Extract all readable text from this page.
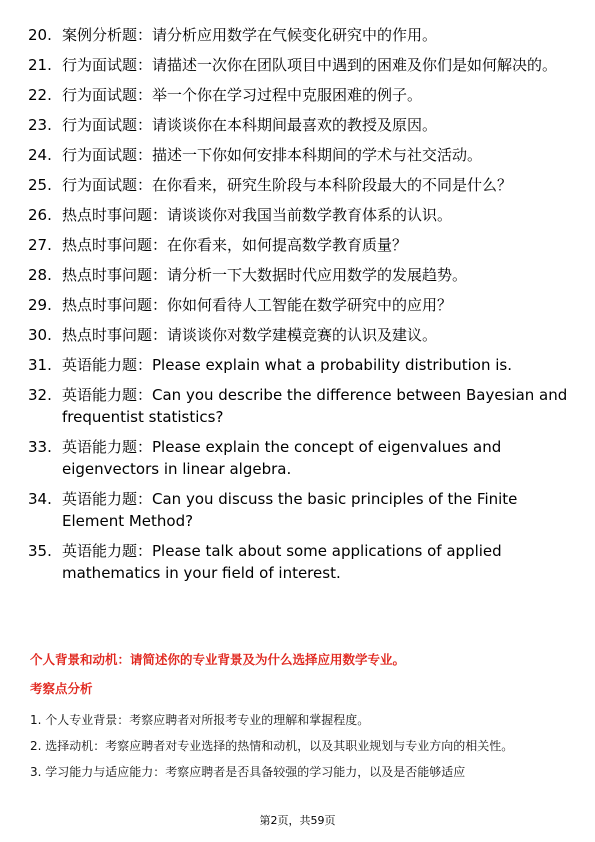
20. 案例分析题：请分析应用数学在气候变化研究中的作用。
21. 行为面试题：请描述一次你在团队项目中遇到的困难及你们是如何解决的。
22. 行为面试题：举一个你在学习过程中克服困难的例子。
23. 行为面试题：请谈谈你在本科期间最喜欢的教授及原因。
24. 行为面试题：描述一下你如何安排本科期间的学术与社交活动。
25. 行为面试题：在你看来，研究生阶段与本科阶段最大的不同是什么？
26. 热点时事问题：请谈谈你对我国当前数学教育体系的认识。
27. 热点时事问题：在你看来，如何提高数学教育质量？
28. 热点时事问题：请分析一下大数据时代应用数学的发展趋势。
29. 热点时事问题：你如何看待人工智能在数学研究中的应用？
30. 热点时事问题：请谈谈你对数学建模竞赛的认识及建议。
31. 英语能力题：Please explain what a probability distribution is.
32. 英语能力题：Can you describe the difference between Bayesian and frequentist statistics?
33. 英语能力题：Please explain the concept of eigenvalues and eigenvectors in linear algebra.
34. 英语能力题：Can you discuss the basic principles of the Finite Element Method?
35. 英语能力题：Please talk about some applications of applied mathematics in your field of interest.
个人背景和动机：请简述你的专业背景及为什么选择应用数学专业。
考察点分析
1. 个人专业背景：考察应聘者对所报考专业的理解和掌握程度。
2. 选择动机：考察应聘者对专业选择的热情和动机，以及其职业规划与专业方向的相关性。
3. 学习能力与适应能力：考察应聘者是否具备较强的学习能力，以及是否能够适应
第2页，共59页
